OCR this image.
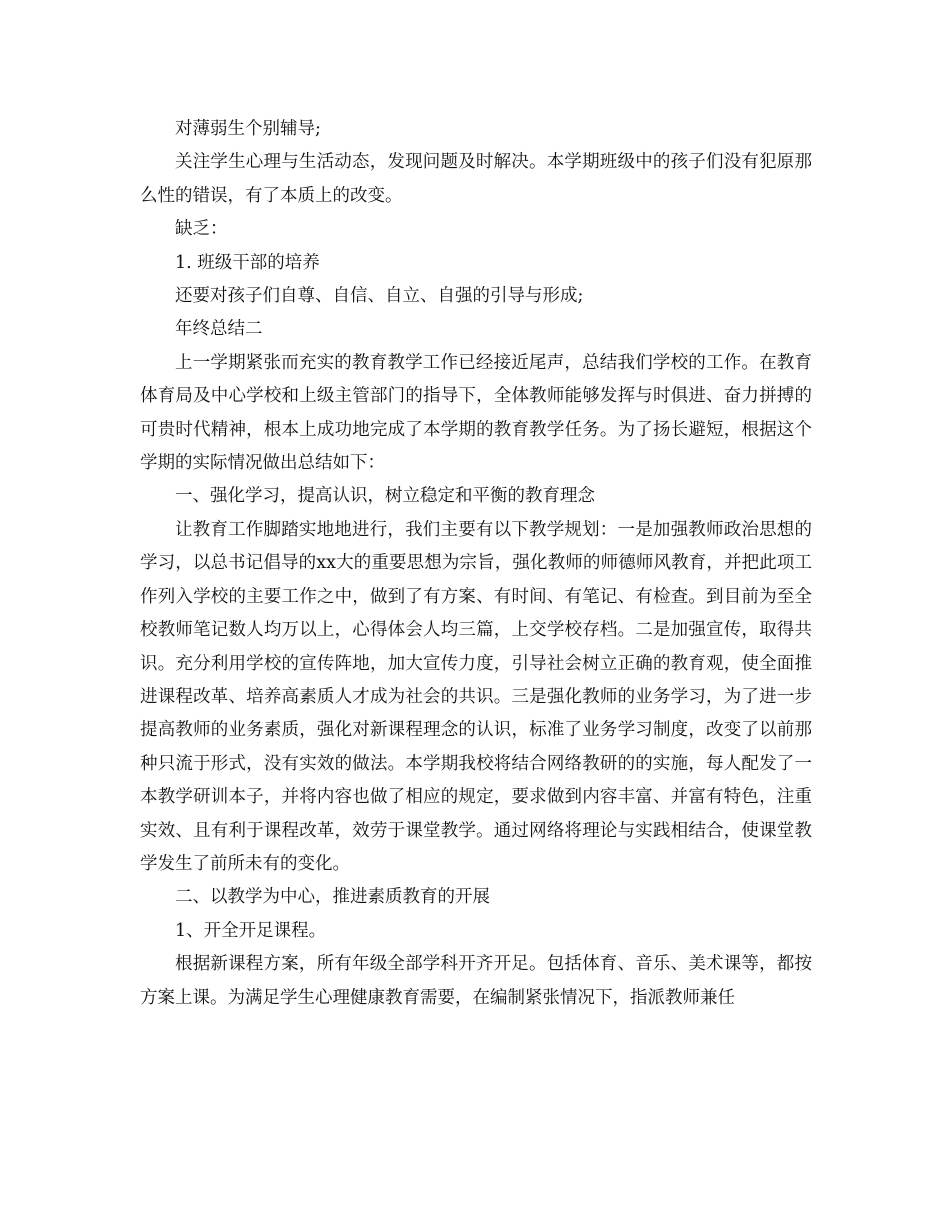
对薄弱生个别辅导;

关注学生心理与生活动态，发现问题及时解决。本学期班级中的孩子们没有犯原那么性的错误，有了本质上的改变。

缺乏：

1. 班级干部的培养

还要对孩子们自尊、自信、自立、自强的引导与形成;

年终总结二

上一学期紧张而充实的教育教学工作已经接近尾声，总结我们学校的工作。在教育体育局及中心学校和上级主管部门的指导下，全体教师能够发挥与时俱进、奋力拼搏的可贵时代精神，根本上成功地完成了本学期的教育教学任务。为了扬长避短，根据这个学期的实际情况做出总结如下：

一、强化学习，提高认识，树立稳定和平衡的教育理念

让教育工作脚踏实地地进行，我们主要有以下教学规划：一是加强教师政治思想的学习，以总书记倡导的xx大的重要思想为宗旨，强化教师的师德师风教育，并把此项工作列入学校的主要工作之中，做到了有方案、有时间、有笔记、有检查。到目前为至全校教师笔记数人均万以上，心得体会人均三篇，上交学校存档。二是加强宣传，取得共识。充分利用学校的宣传阵地，加大宣传力度，引导社会树立正确的教育观，使全面推进课程改革、培养高素质人才成为社会的共识。三是强化教师的业务学习，为了进一步提高教师的业务素质，强化对新课程理念的认识，标准了业务学习制度，改变了以前那种只流于形式，没有实效的做法。本学期我校将结合网络教研的的实施，每人配发了一本教学研训本子，并将内容也做了相应的规定，要求做到内容丰富、并富有特色，注重实效、且有利于课程改革，效劳于课堂教学。通过网络将理论与实践相结合，使课堂教学发生了前所未有的变化。

二、以教学为中心，推进素质教育的开展

1、开全开足课程。

根据新课程方案，所有年级全部学科开齐开足。包括体育、音乐、美术课等，都按方案上课。为满足学生心理健康教育需要，在编制紧张情况下，指派教师兼任
